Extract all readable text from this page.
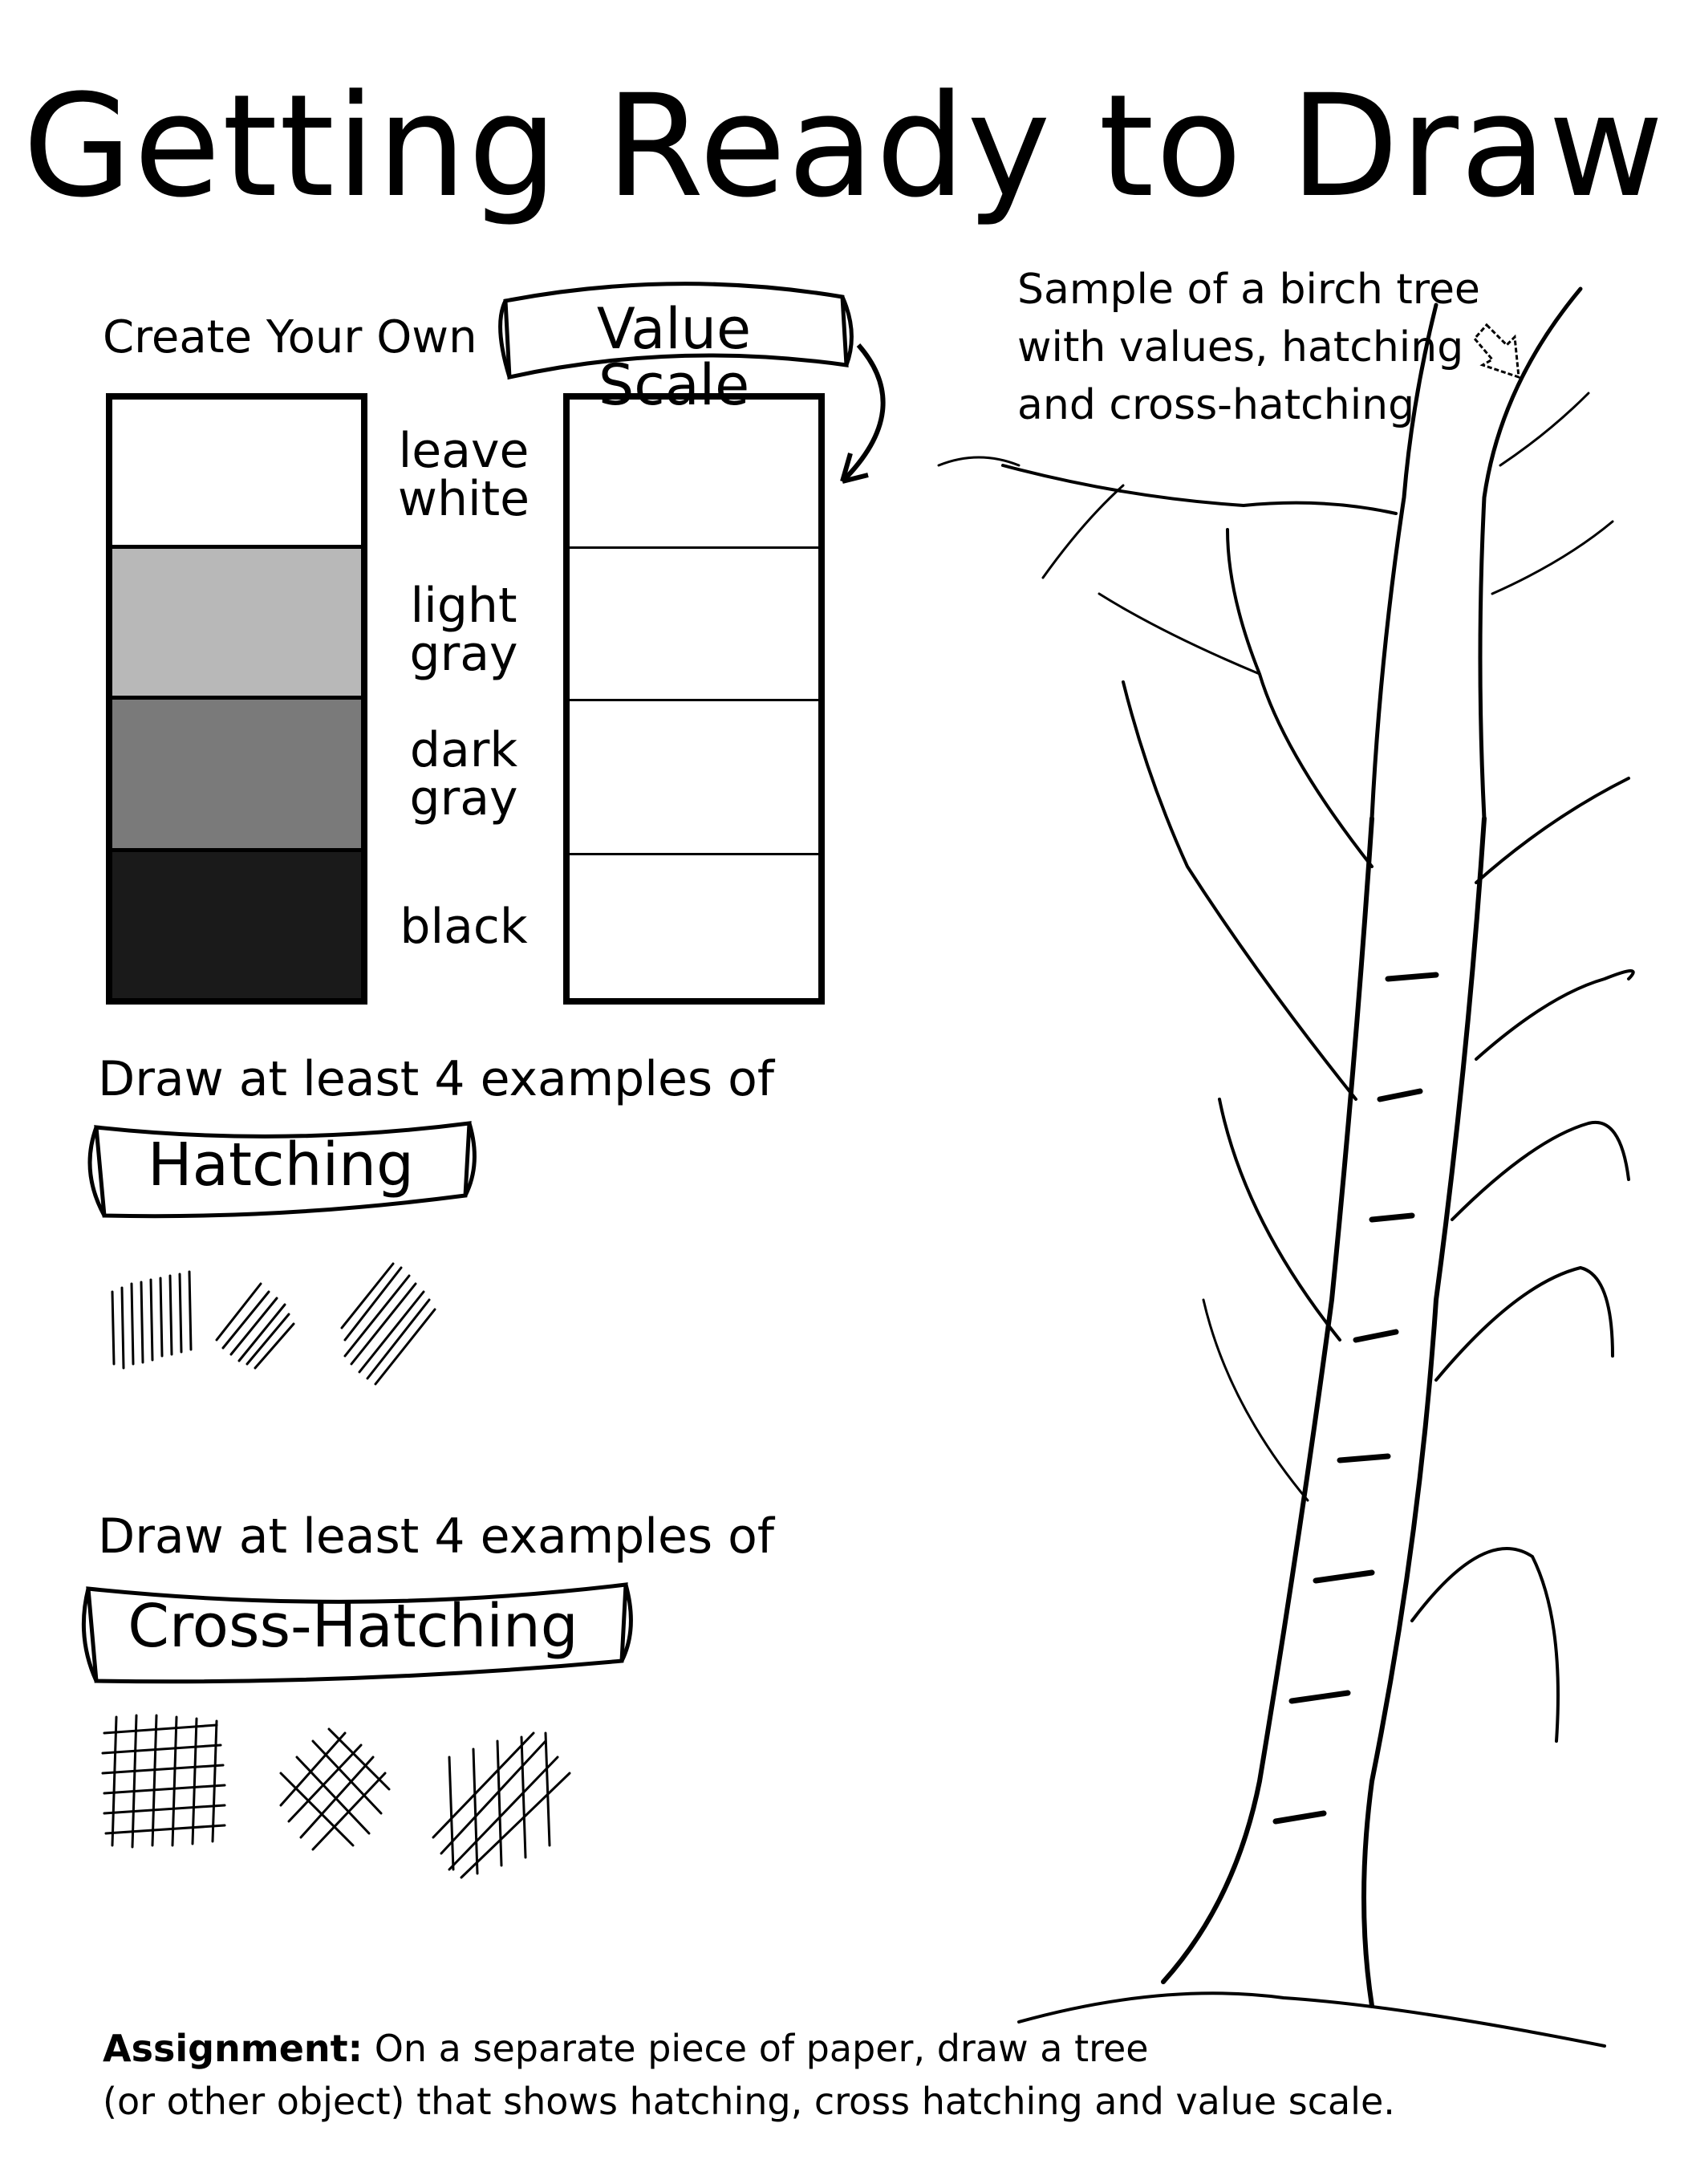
Getting Ready to Draw
Create Your Own	Value Scale
leave
white
light
gray
dark
gray
black
Sample of a birch tree
with values, hatching
and cross-hatching
Draw at least 4 examples of
Hatching
Draw at least 4 examples of
Cross-Hatching
Assignment: On a separate piece of paper, draw a tree
(or other object) that shows hatching, cross hatching and value scale.
